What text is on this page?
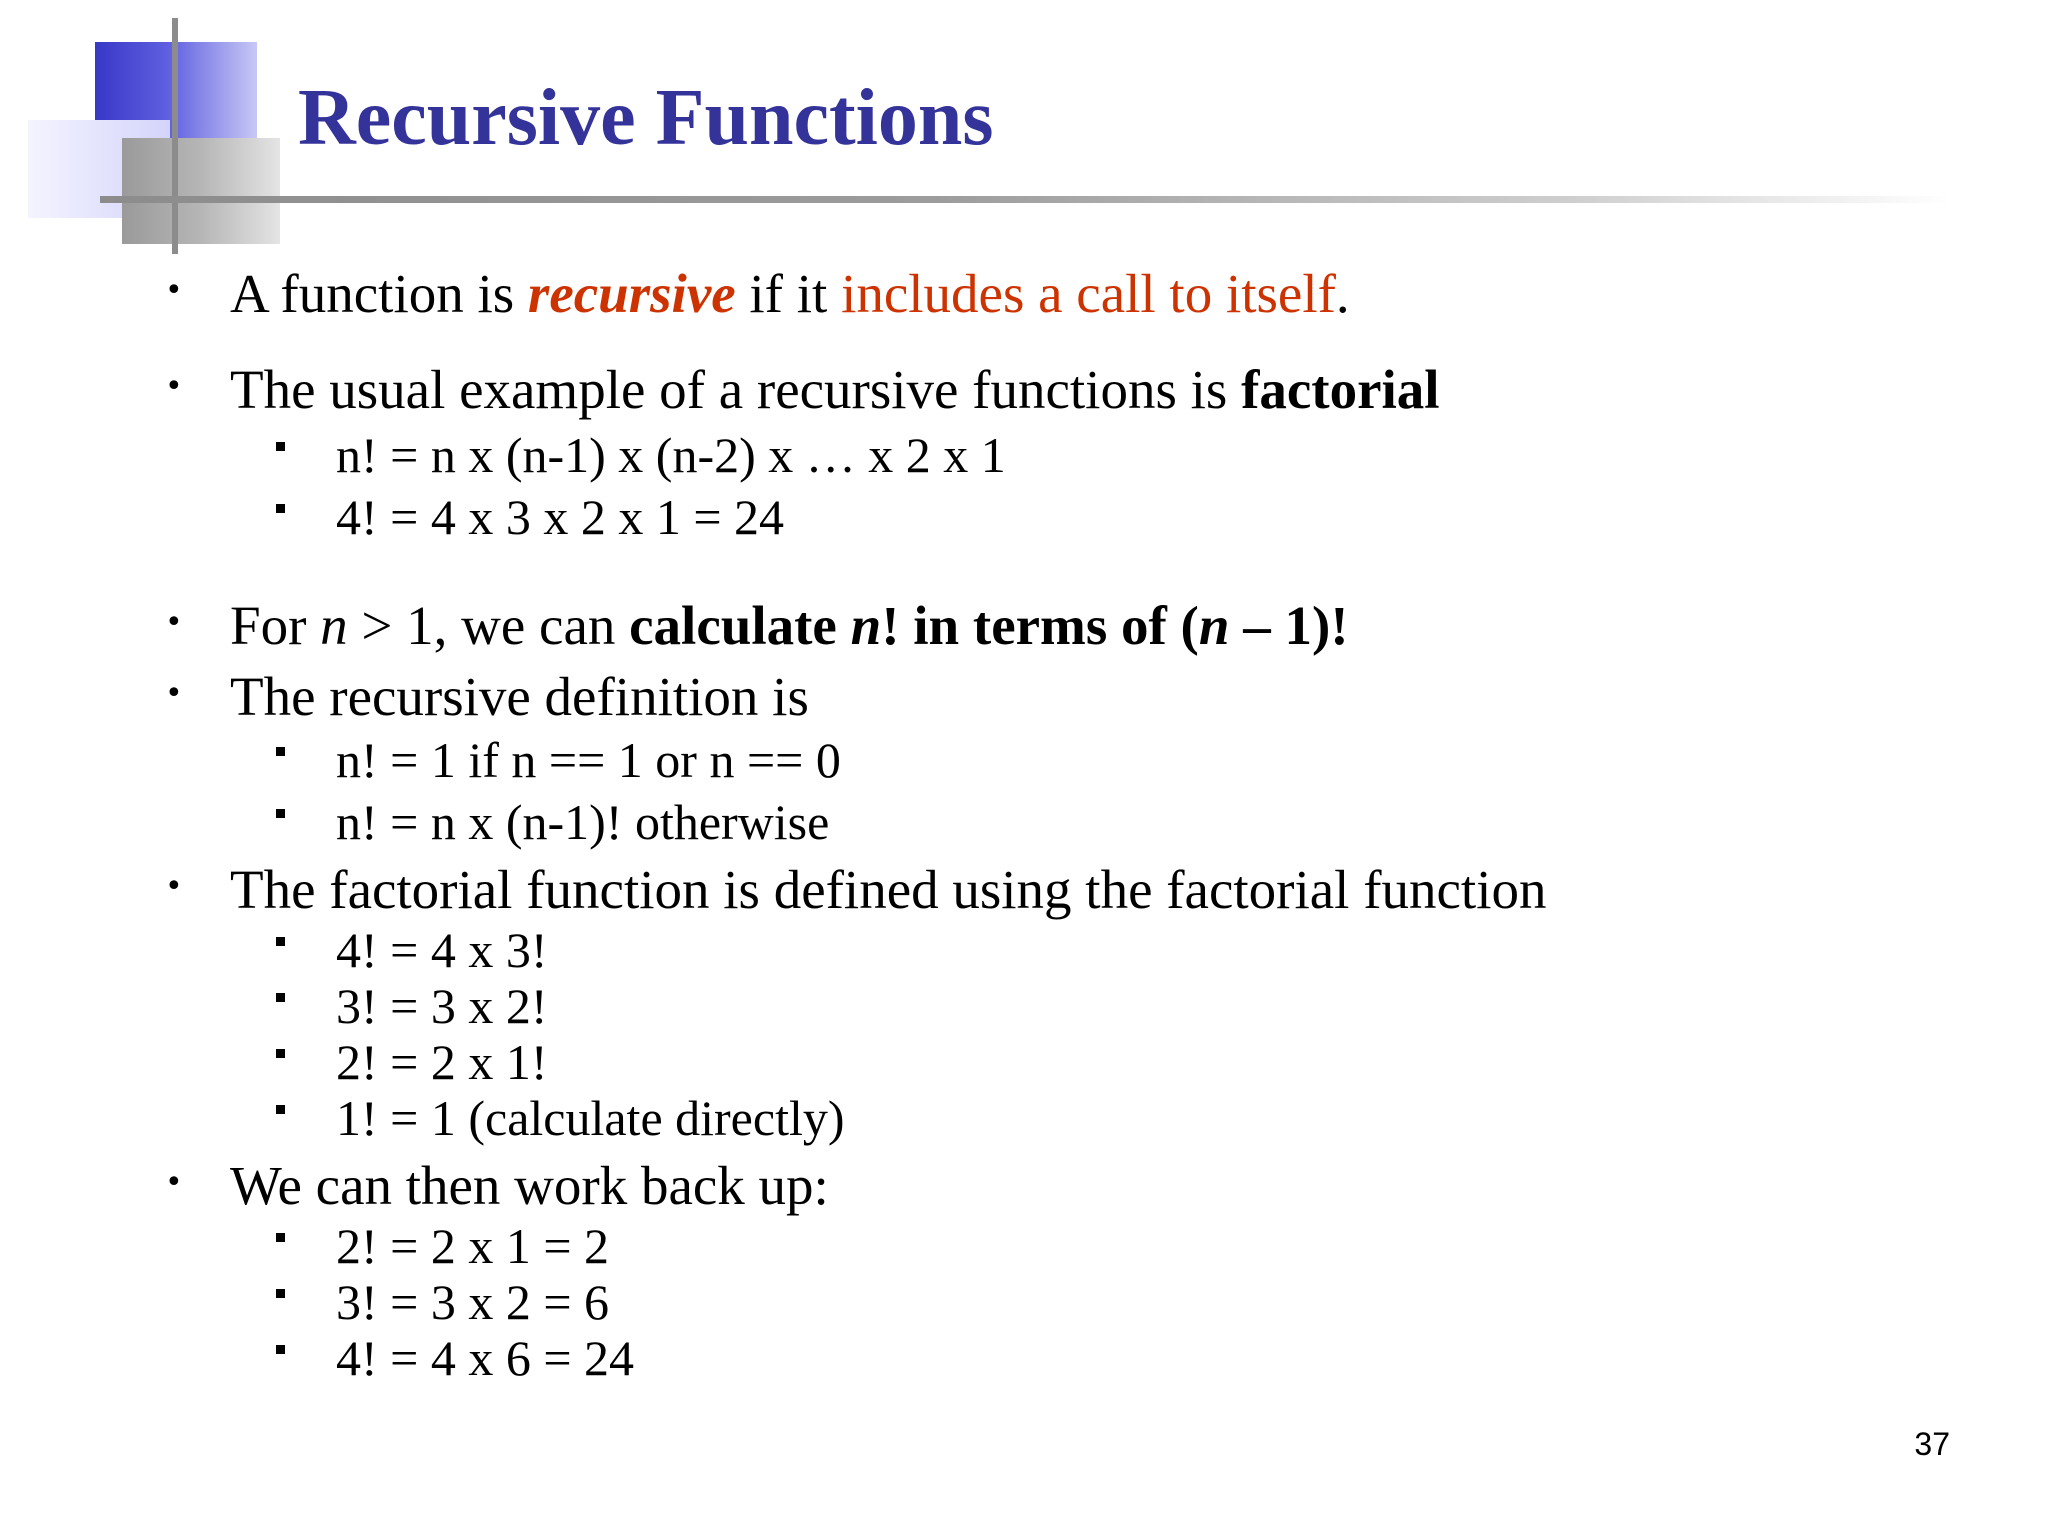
Recursive Functions
• A function is recursive if it includes a call to itself.
• The usual example of a recursive functions is factorial
n! = n x (n-1) x (n-2) x … x 2 x 1
4! = 4 x 3 x 2 x 1 = 24
• For n > 1, we can calculate n! in terms of (n – 1)!
• The recursive definition is
n! = 1 if n == 1 or n == 0
n! = n x (n-1)! otherwise
• The factorial function is defined using the factorial function
4! = 4 x 3!
3! = 3 x 2!
2! = 2 x 1!
1! = 1 (calculate directly)
• We can then work back up:
2! = 2 x 1 = 2
3! = 3 x 2 = 6
4! = 4 x 6 = 24
37
